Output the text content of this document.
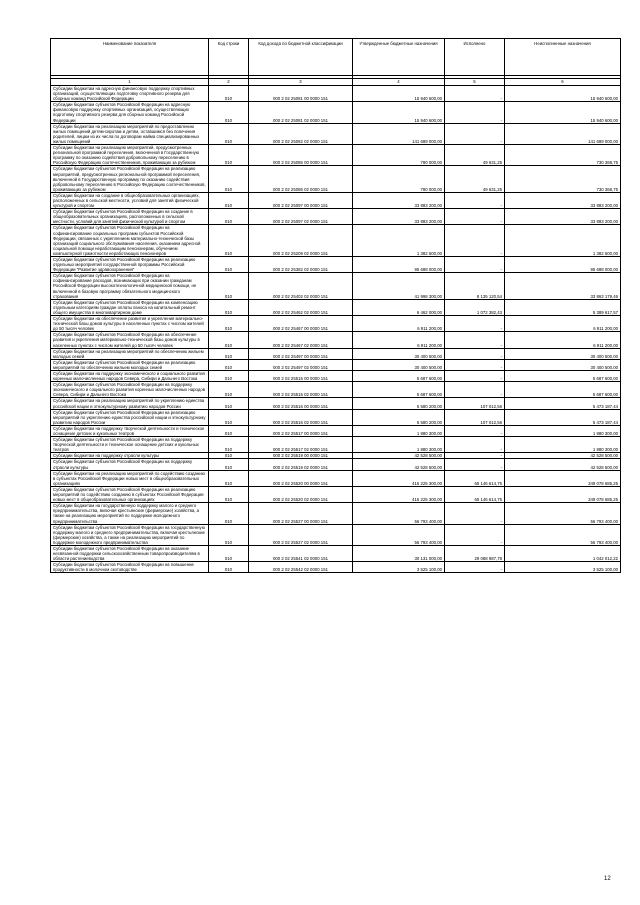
Наименование показателя	Код строки	Код дохода по бюджетной классификации	Утвержденные бюджетные назначения	Исполнено	Неисполненные назначения

1	2	3	4	5	6
Субсидии бюджетам на адресную финансовую поддержку спортивных организаций, осуществляющих подготовку спортивного резерва для сборных команд Российской Федерации	010	000 2 02 25081 00 0000 151	15 940 600,00	-	15 940 600,00
Субсидии бюджетам субъектов Российской Федерации на адресную финансовую поддержку спортивных организаций, осуществляющих подготовку спортивного резерва для сборных команд Российской Федерации	010	000 2 02 25081 02 0000 151	15 940 600,00	-	15 940 600,00
Субсидии бюджетам на реализацию мероприятий по предоставлению жилых помещений детям-сиротам и детям, оставшимся без попечения родителей, лицам из их числа по договорам найма специализированных жилых помещений	010	000 2 02 25082 02 0000 151	141 689 000,00	-	141 689 000,00
Субсидии бюджетам на реализацию мероприятий, предусмотренных региональной программой переселения, включенной в Государственную программу по оказанию содействия добровольному переселению в Российскую Федерацию соотечественников, проживающих за рубежом	010	000 2 02 25086 00 0000 151	780 000,00	49 631,25	730 368,75
Субсидии бюджетам субъектов Российской Федерации на реализацию мероприятий, предусмотренных региональной программой переселения, включенной в Государственную программу по оказанию содействия добровольному переселению в Российскую Федерацию соотечественников, проживающих за рубежом	010	000 2 02 25086 02 0000 151	780 000,00	49 631,25	730 368,75
Субсидии бюджетам на создание в общеобразовательных организациях, расположенных в сельской местности, условий для занятий физической культурой и спортом	010	000 2 02 25097 00 0000 151	33 883 200,00	-	33 883 200,00
Субсидии бюджетам субъектов Российской Федерации на создание в общеобразовательных организациях, расположенных в сельской местности, условий для занятий физической культурой и спортом	010	000 2 02 25097 02 0000 151	33 883 200,00	-	33 883 200,00
Субсидии бюджетам субъектов Российской Федерации на софинансирование социальных программ субъектов Российской Федерации, связанных с укреплением материально-технической базы организаций социального обслуживания населения, оказанием адресной социальной помощи неработающим пенсионерам, обучением компьютерной грамотности неработающих пенсионеров	010	000 2 02 25209 02 0000 151	1 382 600,00	-	1 382 600,00
Субсидии бюджетам субъектов Российской Федерации на реализацию отдельных мероприятий государственной программы Российской Федерации "Развитие здравоохранения"	010	000 2 02 25382 02 0000 151	95 688 000,00	-	95 688 000,00
Субсидии бюджетам субъектов Российской Федерации на софинансирование расходов, возникающих при оказании гражданам Российской Федерации высокотехнологичной медицинской помощи, не включенной в базовую программу обязательного медицинского страхования	010	000 2 02 25402 02 0000 151	41 998 300,00	8 135 120,54	33 863 179,46
Субсидии бюджетам субъектов Российской Федерации на компенсацию отдельным категориям граждан оплаты взноса на капитальный ремонт общего имущества в многоквартирном доме	010	000 2 02 25462 02 0000 151	6 462 000,00	1 072 382,43	5 389 617,57
Субсидии бюджетам на обеспечение развития и укрепления материально-технической базы домов культуры в населенных пунктах с числом жителей до 50 тысяч человек	010	000 2 02 25467 00 0000 151	6 911 200,00	-	6 911 200,00
Субсидии бюджетам субъектов Российской Федерации на обеспечение развития и укрепления материально-технической базы домов культуры в населенных пунктах с числом жителей до 50 тысяч человек	010	000 2 02 25467 02 0000 151	6 911 200,00	-	6 911 200,00
Субсидии бюджетам на реализацию мероприятий по обеспечению жильем молодых семей	010	000 2 02 25497 00 0000 151	30 400 500,00	-	30 400 500,00
Субсидии бюджетам субъектов Российской Федерации на реализацию мероприятий по обеспечению жильем молодых семей	010	000 2 02 25497 02 0000 151	30 400 500,00	-	30 400 500,00
Субсидии бюджетам на поддержку экономического и социального развития коренных малочисленных народов Севера, Сибири и Дальнего Востока	010	000 2 02 25515 00 0000 151	5 687 600,00	-	5 687 600,00
Субсидии бюджетам субъектов Российской Федерации на поддержку экономического и социального развития коренных малочисленных народов Севера, Сибири и Дальнего Востока	010	000 2 02 25515 02 0000 151	5 687 600,00	-	5 687 600,00
Субсидии бюджетам на реализацию мероприятий по укреплению единства российской нации и этнокультурному развитию народов России	010	000 2 02 25516 00 0000 151	5 580 200,00	107 012,56	5 473 187,44
Субсидии бюджетам субъектов Российской Федерации на реализацию мероприятий по укреплению единства российской нации и этнокультурному развитию народов России	010	000 2 02 25516 02 0000 151	5 580 200,00	107 012,56	5 473 187,44
Субсидии бюджетам на поддержку творческой деятельности и техническое оснащение детских и кукольных театров	010	000 2 02 25517 00 0000 151	1 880 300,00	-	1 880 300,00
Субсидии бюджетам субъектов Российской Федерации на поддержку творческой деятельности и техническое оснащение детских и кукольных театров	010	000 2 02 25517 02 0000 151	1 880 300,00	-	1 880 300,00
Субсидии бюджетам на поддержку отрасли культуры	010	000 2 02 25519 00 0000 151	42 528 500,00	-	42 528 500,00
Субсидии бюджетам субъектов Российской Федерации на поддержку отрасли культуры	010	000 2 02 25519 02 0000 151	42 528 500,00	-	42 528 500,00
Субсидии бюджетам на реализацию мероприятий по содействию созданию в субъектах Российской Федерации новых мест в общеобразовательных организациях	010	000 2 02 25520 00 0000 151	415 225 300,00	65 146 614,75	349 078 685,25
Субсидии бюджетам субъектов Российской Федерации на реализацию мероприятий по содействию созданию в субъектах Российской Федерации новых мест в общеобразовательных организациях	010	000 2 02 25520 02 0000 151	415 225 300,00	65 146 614,75	349 078 685,25
Субсидии бюджетам на государственную поддержку малого и среднего предпринимательства, включая крестьянские (фермерские) хозяйства, а также на реализацию мероприятий по поддержке молодежного предпринимательства	010	000 2 02 25527 00 0000 151	56 793 400,00	-	56 793 400,00
Субсидии бюджетам субъектов Российской Федерации на государственную поддержку малого и среднего предпринимательства, включая крестьянские (фермерские) хозяйства, а также на реализацию мероприятий по поддержке молодежного предпринимательства	010	000 2 02 25527 02 0000 151	56 793 400,00	-	56 793 400,00
Субсидии бюджетам субъектов Российской Федерации на оказание несвязанной поддержки сельскохозяйственным товаропроизводителям в области растениеводства	010	000 2 02 25541 02 0000 151	30 131 000,00	29 088 987,78	1 042 012,22
Субсидии бюджетам субъектов Российской Федерации на повышение продуктивности в молочном скотоводстве	010	000 2 02 25542 02 0000 151	3 525 100,00	-	3 525 100,00
12
